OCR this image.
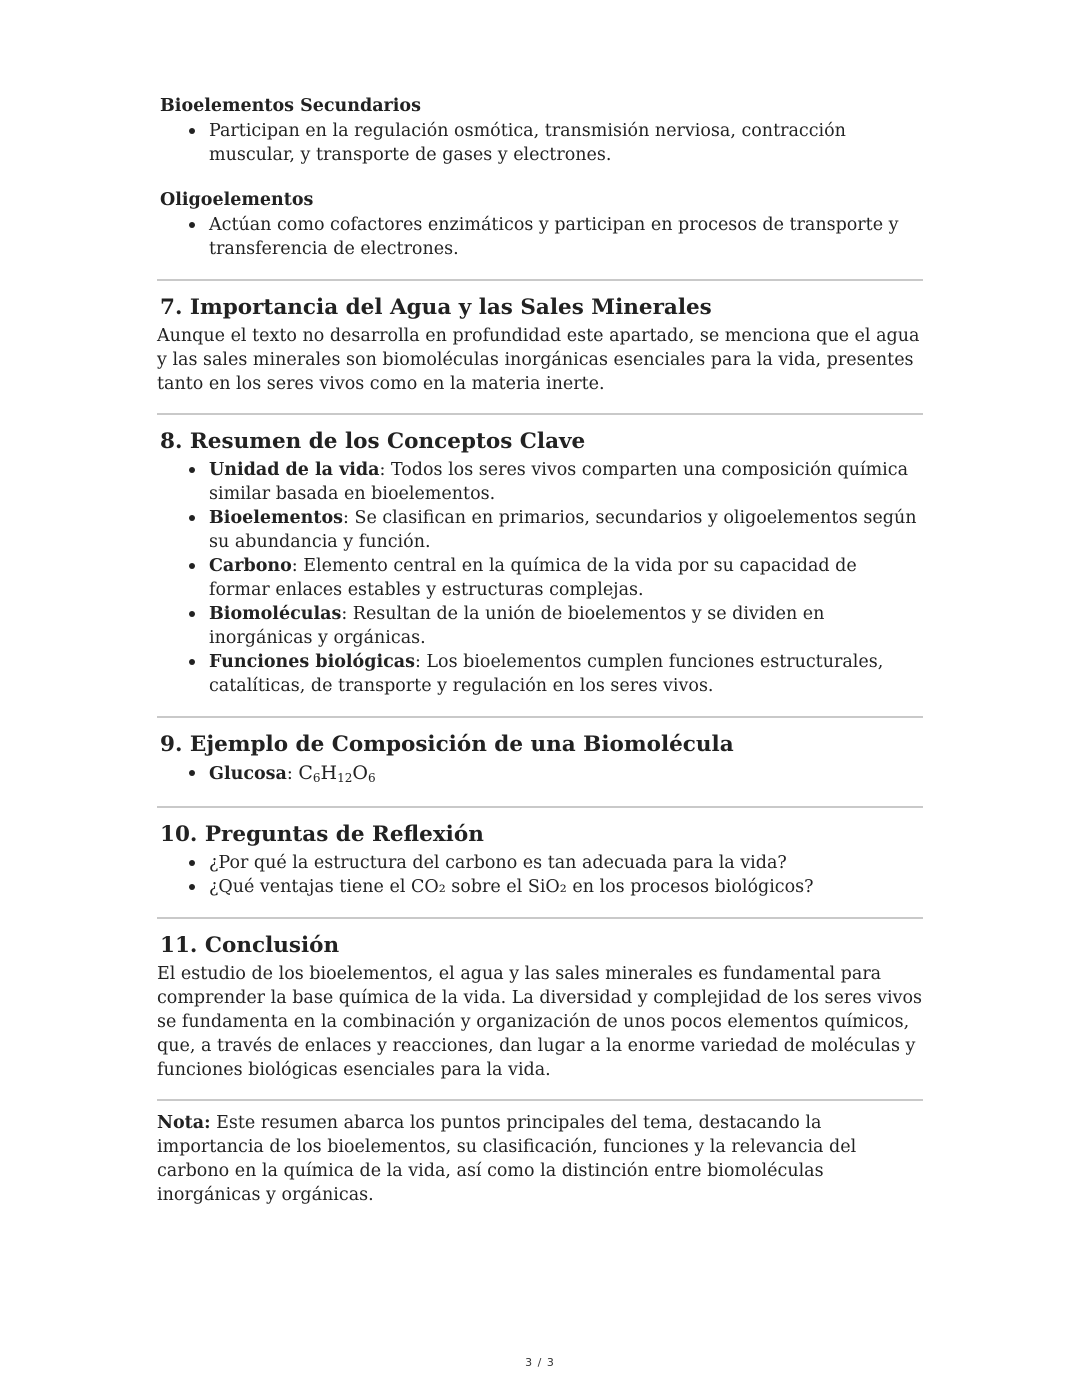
Bioelementos Secundarios
Participan en la regulación osmótica, transmisión nerviosa, contracción muscular, y transporte de gases y electrones.
Oligoelementos
Actúan como cofactores enzimáticos y participan en procesos de transporte y transferencia de electrones.
7. Importancia del Agua y las Sales Minerales

Aunque el texto no desarrolla en profundidad este apartado, se menciona que el agua y las sales minerales son biomoléculas inorgánicas esenciales para la vida, presentes tanto en los seres vivos como en la materia inerte.

8. Resumen de los Conceptos Clave
Unidad de la vida: Todos los seres vivos comparten una composición química similar basada en bioelementos.
Bioelementos: Se clasifican en primarios, secundarios y oligoelementos según su abundancia y función.
Carbono: Elemento central en la química de la vida por su capacidad de formar enlaces estables y estructuras complejas.
Biomoléculas: Resultan de la unión de bioelementos y se dividen en inorgánicas y orgánicas.
Funciones biológicas: Los bioelementos cumplen funciones estructurales, catalíticas, de transporte y regulación en los seres vivos.
9. Ejemplo de Composición de una Biomolécula
Glucosa: $C_6H_{12}O_6$
10. Preguntas de Reflexión
¿Por qué la estructura del carbono es tan adecuada para la vida?
¿Qué ventajas tiene el CO₂ sobre el SiO₂ en los procesos biológicos?
11. Conclusión

El estudio de los bioelementos, el agua y las sales minerales es fundamental para comprender la base química de la vida. La diversidad y complejidad de los seres vivos se fundamenta en la combinación y organización de unos pocos elementos químicos, que, a través de enlaces y reacciones, dan lugar a la enorme variedad de moléculas y funciones biológicas esenciales para la vida.

Nota: Este resumen abarca los puntos principales del tema, destacando la importancia de los bioelementos, su clasificación, funciones y la relevancia del carbono en la química de la vida, así como la distinción entre biomoléculas inorgánicas y orgánicas.

3 / 3
